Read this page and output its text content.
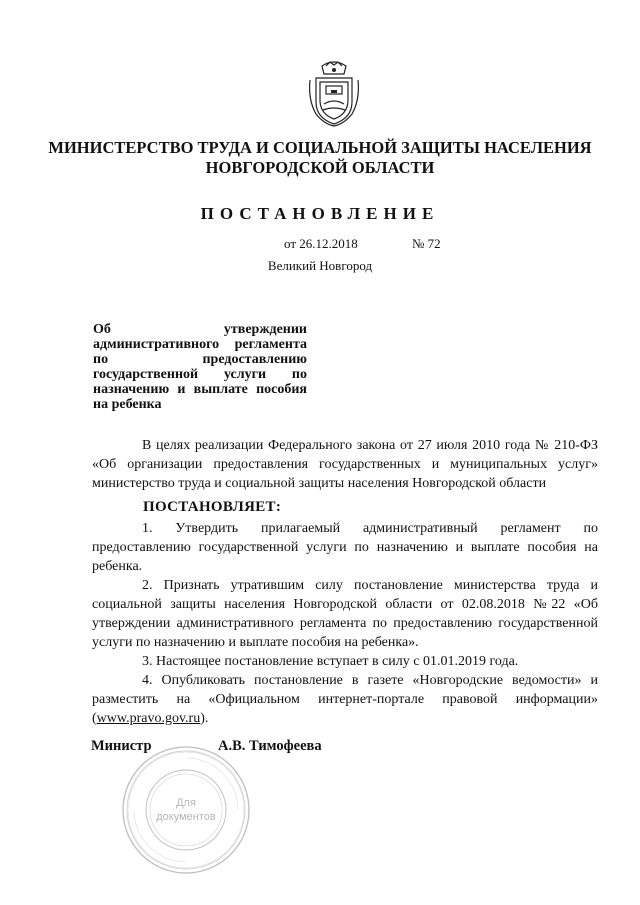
МИНИСТЕРСТВО ТРУДА И СОЦИАЛЬНОЙ ЗАЩИТЫ НАСЕЛЕНИЯ
НОВГОРОДСКОЙ ОБЛАСТИ
ПОСТАНОВЛЕНИЕ
от 26.12.2018	№ 72
Великий Новгород
Об утверждении административного регламента по предоставлению государственной услуги по назначению и выплате пособия на ребенка
В целях реализации Федерального закона от 27 июля 2010 года № 210-ФЗ «Об организации предоставления государственных и муниципальных услуг» министерство труда и социальной защиты населения Новгородской области
ПОСТАНОВЛЯЕТ:

1. Утвердить прилагаемый административный регламент по предоставлению государственной услуги по назначению и выплате пособия на ребенка.

2. Признать утратившим силу постановление министерства труда и социальной защиты населения Новгородской области от 02.08.2018 №22 «Об утверждении административного регламента по предоставлению государственной услуги по назначению и выплате пособия на ребенка».

3. Настоящее постановление вступает в силу с 01.01.2019 года.

4. Опубликовать постановление в газете «Новгородские ведомости» и разместить на «Официальном интернет-портале правовой информации» (www.pravo.gov.ru).

Для
документов
Министр	А.В. Тимофеева
